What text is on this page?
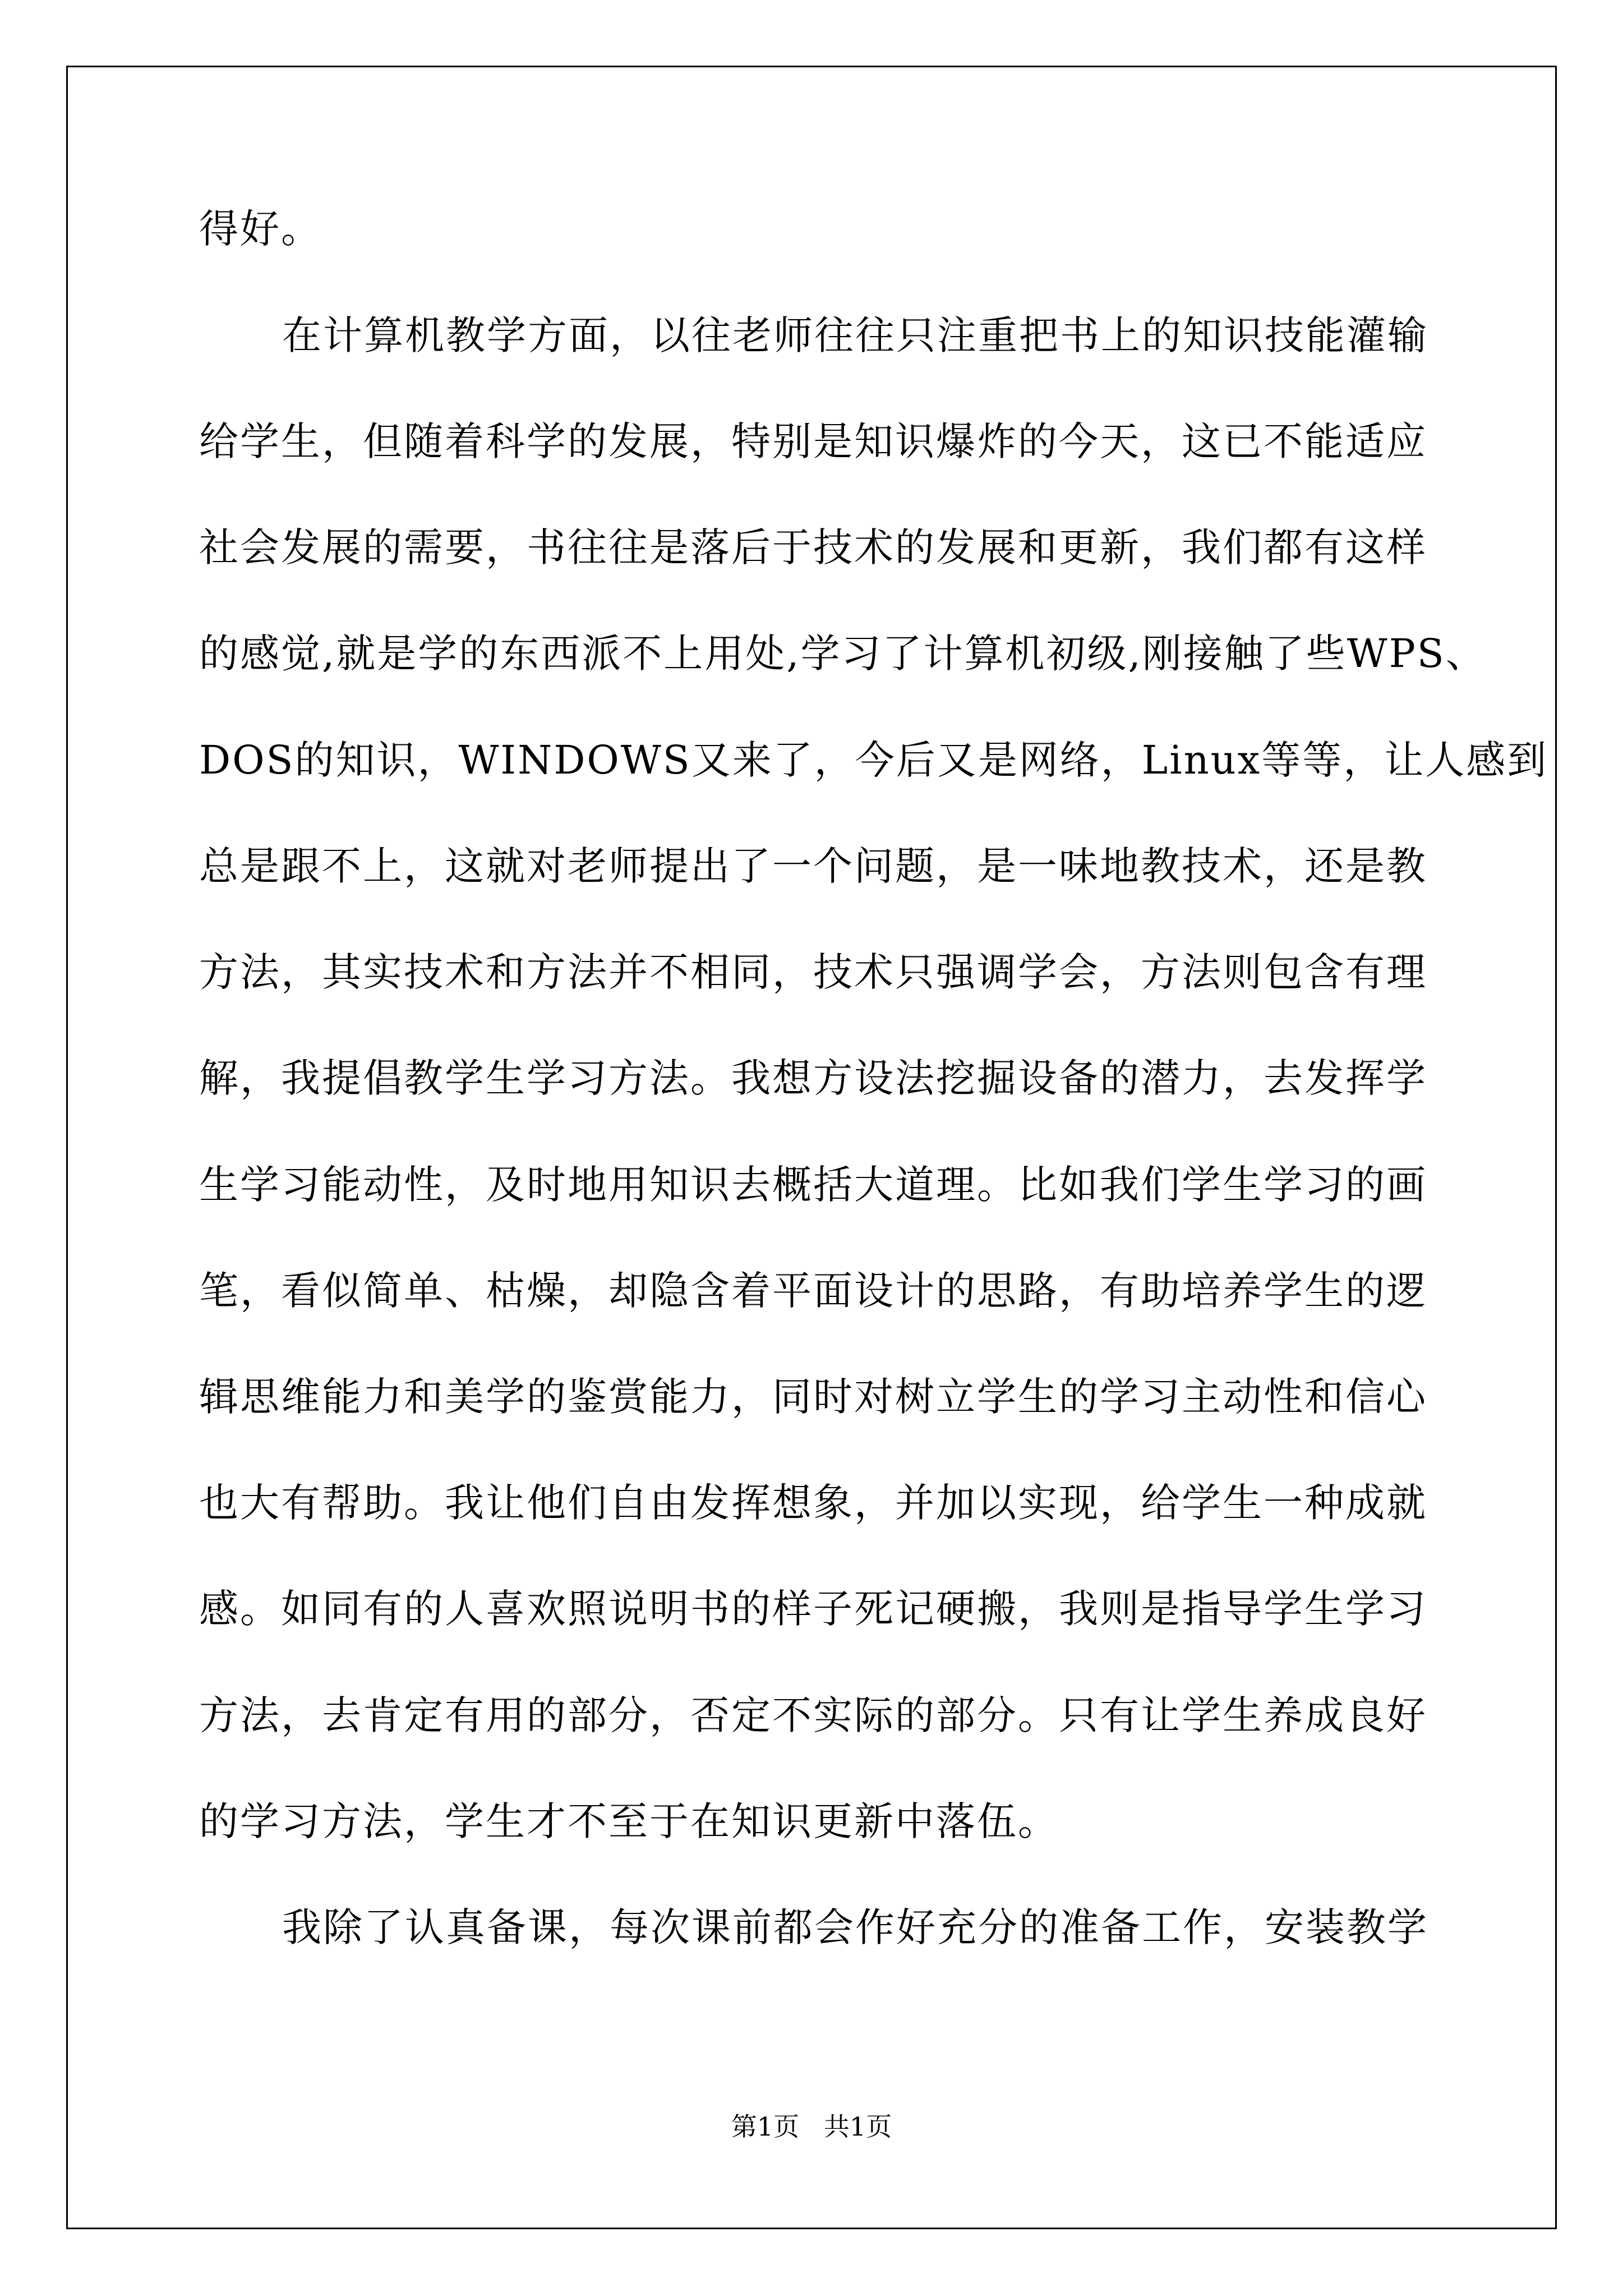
得好。
在计算机教学方面，以往老师往往只注重把书上的知识技能灌输
给学生，但随着科学的发展，特别是知识爆炸的今天，这已不能适应
社会发展的需要，书往往是落后于技术的发展和更新，我们都有这样
的感觉,就是学的东西派不上用处,学习了计算机初级,刚接触了些WPS、
DOS的知识，WINDOWS又来了，今后又是网络，Linux等等，让人感到
总是跟不上，这就对老师提出了一个问题，是一味地教技术，还是教
方法，其实技术和方法并不相同，技术只强调学会，方法则包含有理
解，我提倡教学生学习方法。我想方设法挖掘设备的潜力，去发挥学
生学习能动性，及时地用知识去概括大道理。比如我们学生学习的画
笔，看似简单、枯燥，却隐含着平面设计的思路，有助培养学生的逻
辑思维能力和美学的鉴赏能力，同时对树立学生的学习主动性和信心
也大有帮助。我让他们自由发挥想象，并加以实现，给学生一种成就
感。如同有的人喜欢照说明书的样子死记硬搬，我则是指导学生学习
方法，去肯定有用的部分，否定不实际的部分。只有让学生养成良好
的学习方法，学生才不至于在知识更新中落伍。
我除了认真备课，每次课前都会作好充分的准备工作，安装教学
第1页   共1页
